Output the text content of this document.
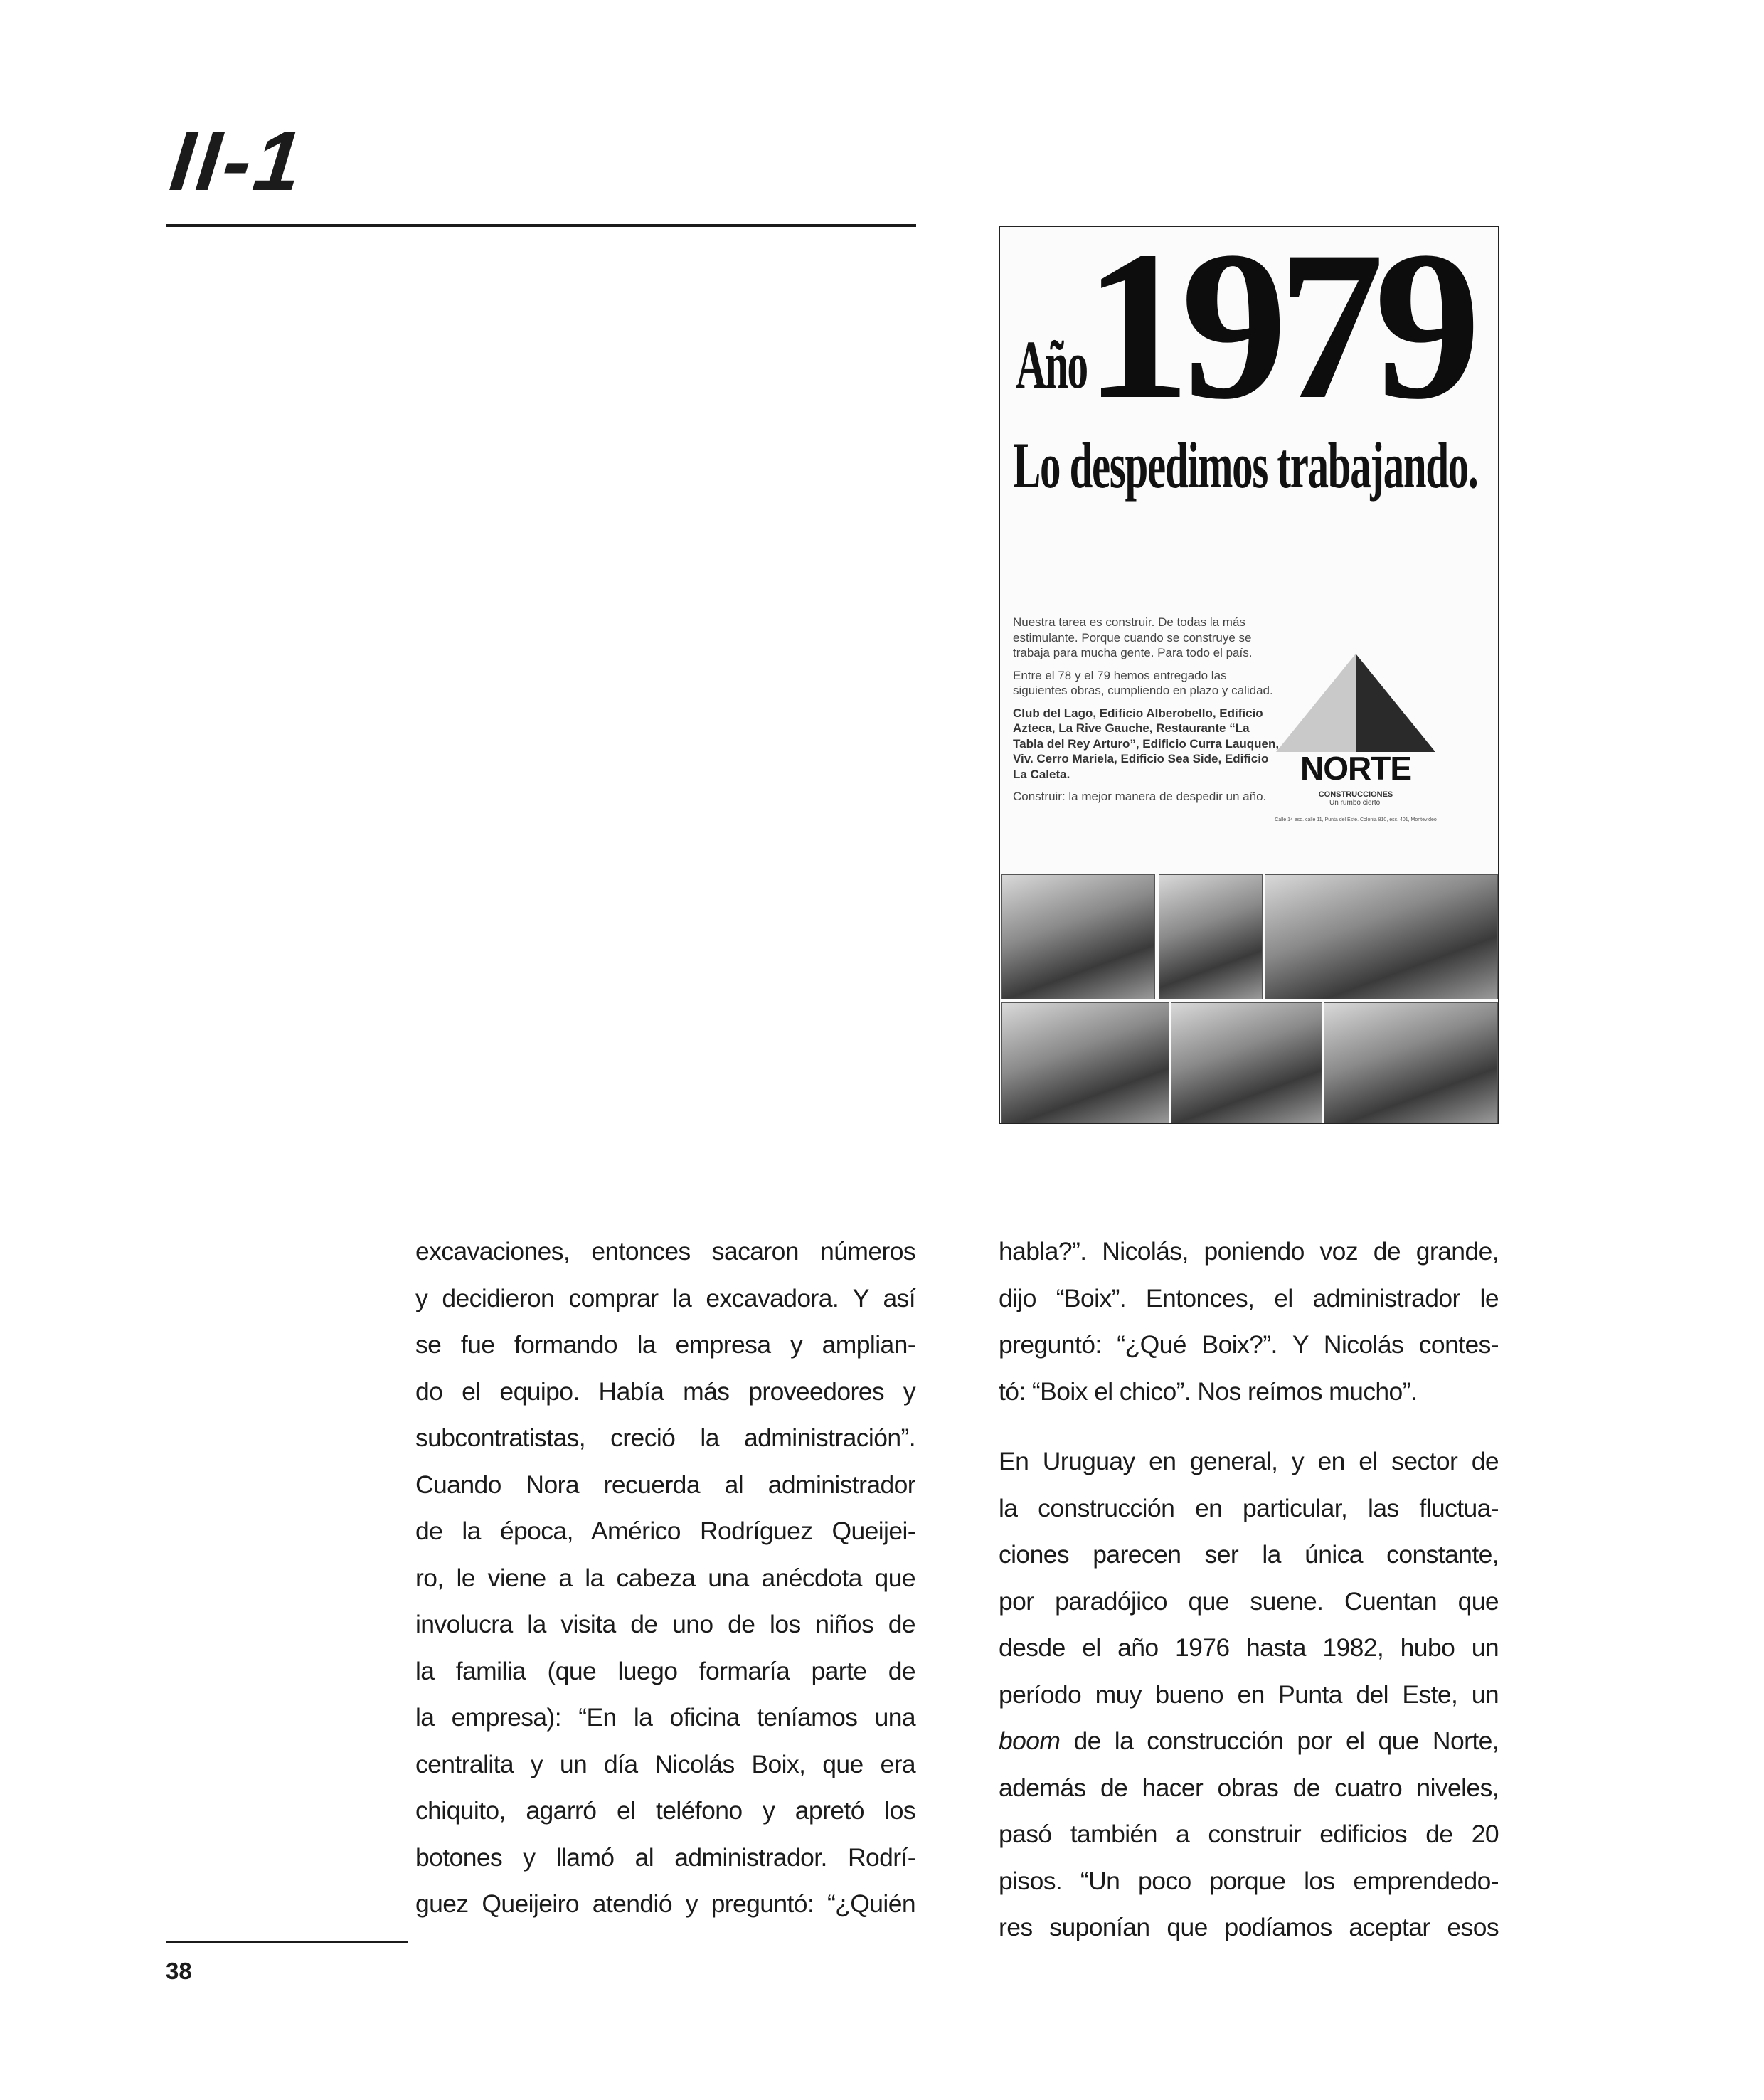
II-1
1979
Año
Lo despedimos trabajando.

Nuestra tarea es construir. De todas la más estimulante. Porque cuando se construye se trabaja para mucha gente. Para todo el país.

Entre el 78 y el 79 hemos entregado las siguientes obras, cumpliendo en plazo y calidad.

Club del Lago, Edificio Alberobello, Edificio Azteca, La Rive Gauche, Restaurante “La Tabla del Rey Arturo”, Edificio Curra Lauquen, Viv. Cerro Mariela, Edificio Sea Side, Edificio La Caleta.

Construir: la mejor manera de despedir un año.

NORTE
CONSTRUCCIONES
Un rumbo cierto.
Calle 14 esq. calle 11, Punta del Este. Colonia 810, esc. 401, Montevideo
excavaciones, entonces sacaron números
y decidieron comprar la excavadora. Y así
se fue formando la empresa y amplian-
do el equipo. Había más proveedores y
subcontratistas, creció la administración”.
Cuando Nora recuerda al administrador
de la época, Américo Rodríguez Queijei-
ro, le viene a la cabeza una anécdota que
involucra la visita de uno de los niños de
la familia (que luego formaría parte de
la empresa): “En la oficina teníamos una
centralita y un día Nicolás Boix, que era
chiquito, agarró el teléfono y apretó los
botones y llamó al administrador. Rodrí-
guez Queijeiro atendió y preguntó: “¿Quién
habla?”. Nicolás, poniendo voz de grande,
dijo “Boix”. Entonces, el administrador le
preguntó: “¿Qué Boix?”. Y Nicolás contes-
tó: “Boix el chico”. Nos reímos mucho”.
En Uruguay en general, y en el sector de
la construcción en particular, las fluctua-
ciones parecen ser la única constante,
por paradójico que suene. Cuentan que
desde el año 1976 hasta 1982, hubo un
período muy bueno en Punta del Este, un
boom de la construcción por el que Norte,
además de hacer obras de cuatro niveles,
pasó también a construir edificios de 20
pisos. “Un poco porque los emprendedo-
res suponían que podíamos aceptar esos
38
